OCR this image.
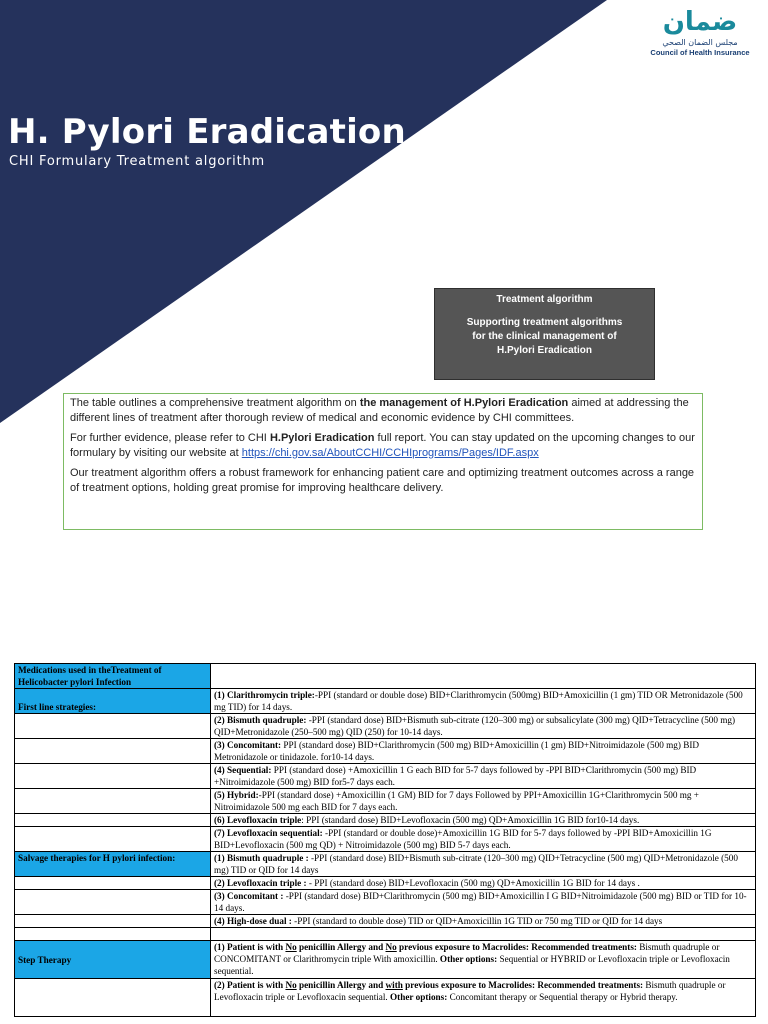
H. Pylori Eradication
CHI Formulary Treatment algorithm
ضمان
مجلس الضمان الصحي
Council of Health Insurance
Treatment algorithm
Supporting treatment algorithms
for the clinical management of
H.Pylori Eradication

The table outlines a comprehensive treatment algorithm on the management of H.Pylori Eradication aimed at addressing the different lines of treatment after thorough review of medical and economic evidence by CHI committees.

For further evidence, please refer to CHI H.Pylori Eradication full report. You can stay updated on the upcoming changes to our formulary by visiting our website at https://chi.gov.sa/AboutCCHI/CCHIprograms/Pages/IDF.aspx

Our treatment algorithm offers a robust framework for enhancing patient care and optimizing treatment outcomes across a range of treatment options, holding great promise for improving healthcare delivery.

Medications used in theTreatment of Helicobacter pylori Infection	
First line strategies:	(1) Clarithromycin triple:-PPI (standard or double dose) BID+Clarithromycin (500mg) BID+Amoxicillin (1 gm) TID OR Metronidazole (500 mg TID) for 14 days.
	(2) Bismuth quadruple: -PPI (standard dose) BID+Bismuth sub-citrate (120–300 mg) or subsalicylate (300 mg) QID+Tetracycline (500 mg) QID+Metronidazole (250–500 mg) QID (250) for 10-14 days.
	(3) Concomitant: PPI (standard dose) BID+Clarithromycin (500 mg) BID+Amoxicillin (1 gm) BID+Nitroimidazole (500 mg) BID Metronidazole or tinidazole. for10-14 days.
	(4) Sequential: PPI (standard dose) +Amoxicillin 1 G each BID for 5-7 days followed by -PPI BID+Clarithromycin (500 mg) BID +Nitroimidazole (500 mg) BID for5-7 days each.
	(5) Hybrid:-PPI (standard dose) +Amoxicillin (1 GM) BID for 7 days Followed by PPI+Amoxicillin 1G+Clarithromycin 500 mg + Nitroimidazole 500 mg each BID for 7 days each.
	(6) Levofloxacin triple: PPI (standard dose) BID+Levofloxacin (500 mg) QD+Amoxicillin 1G BID for10-14 days.
	(7) Levofloxacin sequential: -PPI (standard or double dose)+Amoxicillin 1G BID for 5-7 days followed by -PPI BID+Amoxicillin 1G BID+Levofloxacin (500 mg QD) + Nitroimidazole (500 mg) BID 5-7 days each.
Salvage therapies for H pylori infection:	(1) Bismuth quadruple : -PPI (standard dose) BID+Bismuth sub-citrate (120–300 mg) QID+Tetracycline (500 mg) QID+Metronidazole (500 mg) TID or QID for 14 days
	(2) Levofloxacin triple : - PPI (standard dose) BID+Levofloxacin (500 mg) QD+Amoxicillin 1G BID for 14 days .
	(3) Concomitant : -PPI (standard dose) BID+Clarithromycin (500 mg) BID+Amoxicillin I G BID+Nitroimidazole (500 mg) BID or TID for 10-14 days.
	(4) High-dose dual : -PPI (standard to double dose) TID or QID+Amoxicillin 1G TID or 750 mg TID or QID for 14 days

Step Therapy	(1) Patient is with No penicillin Allergy and No previous exposure to Macrolides: Recommended treatments: Bismuth quadruple or CONCOMITANT or Clarithromycin triple With amoxicillin. Other options: Sequential or HYBRID or Levofloxacin triple or Levofloxacin sequential.
	(2) Patient is with No penicillin Allergy and with previous exposure to Macrolides: Recommended treatments: Bismuth quadruple or Levofloxacin triple or Levofloxacin sequential. Other options: Concomitant therapy or Sequential therapy or Hybrid therapy.
